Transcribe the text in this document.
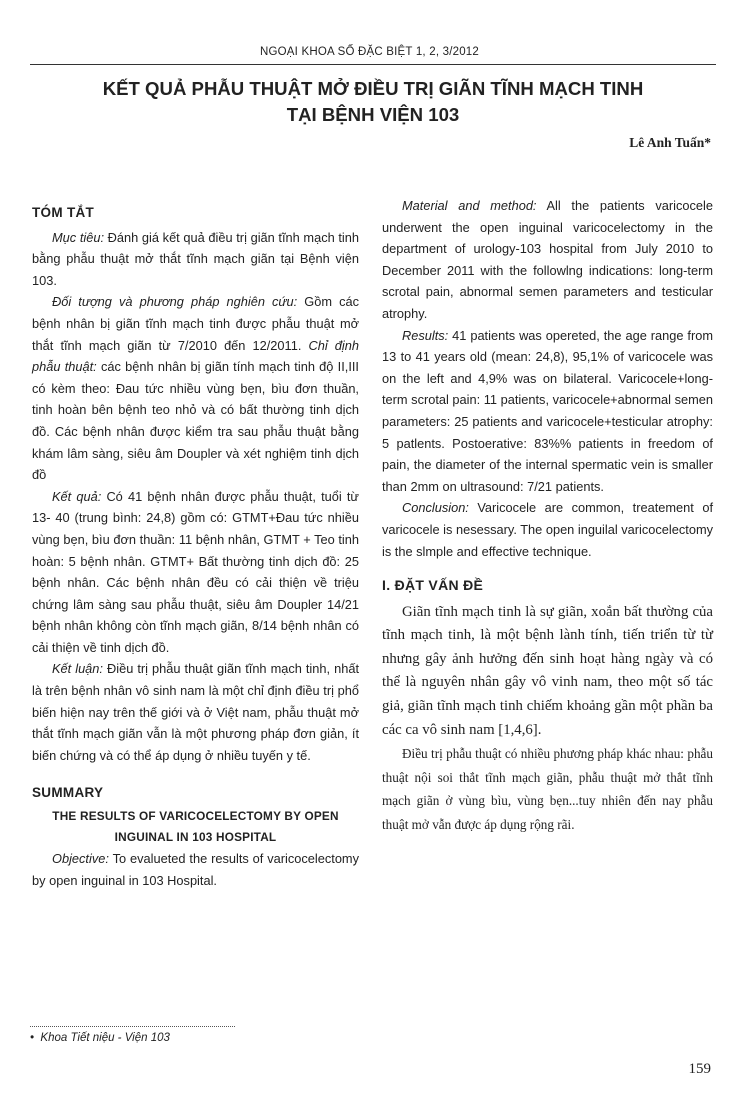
NGOẠI KHOA SỐ ĐẶC BIỆT 1, 2, 3/2012
KẾT QUẢ PHẪU THUẬT MỞ ĐIỀU TRỊ GIÃN TĨNH MẠCH TINH
TẠI BỆNH VIỆN 103
Lê Anh Tuấn*
TÓM TẮT

Mục tiêu: Đánh giá kết quả điều trị giãn tĩnh mạch tinh bằng phẫu thuật mở thắt tĩnh mạch giãn tại Bệnh viện 103.

Đối tượng và phương pháp nghiên cứu: Gồm các bệnh nhân bị giãn tĩnh mạch tinh được phẫu thuật mở thắt tĩnh mạch giãn từ 7/2010 đến 12/2011. Chỉ định phẫu thuật: các bệnh nhân bị giãn tính mạch tinh độ II,III có kèm theo: Đau tức nhiều vùng bẹn, bìu đơn thuần, tinh hoàn bên bệnh teo nhỏ và có bất thường tinh dịch đồ. Các bệnh nhân được kiểm tra sau phẫu thuật bằng khám lâm sàng, siêu âm Doupler và xét nghiệm tinh dịch đồ

Kết quả: Có 41 bệnh nhân được phẫu thuật, tuổi từ 13- 40 (trung bình: 24,8) gồm có: GTMT+Đau tức nhiều vùng bẹn, bìu đơn thuần: 11 bệnh nhân, GTMT + Teo tinh hoàn: 5 bệnh nhân. GTMT+ Bất thường tinh dịch đồ: 25 bệnh nhân. Các bệnh nhân đều có cải thiện về triệu chứng lâm sàng sau phẫu thuật, siêu âm Doupler 14/21 bệnh nhân không còn tĩnh mạch giãn, 8/14 bệnh nhân có cải thiện về tinh dịch đồ.

Kết luận: Điều trị phẫu thuật giãn tĩnh mạch tinh, nhất là trên bệnh nhân vô sinh nam là một chỉ định điều trị phổ biến hiện nay trên thế giới và ở Việt nam, phẫu thuật mở thắt tĩnh mạch giãn vẫn là một phương pháp đơn giản, ít biến chứng và có thể áp dụng ở nhiều tuyến y tế.

SUMMARY
THE RESULTS OF VARICOCELECTOMY BY OPEN INGUINAL IN 103 HOSPITAL

Objective: To evalueted the results of varicocelectomy by open inguinal in 103 Hospital.

Material and method: All the patients varicocele underwent the open inguinal varicocelectomy in the department of urology-103 hospital from July 2010 to December 2011 with the followlng indications: long-term scrotal pain, abnormal semen parameters and testicular atrophy.

Results: 41 patients was opereted, the age range from 13 to 41 years old (mean: 24,8), 95,1% of varicocele was on the left and 4,9% was on bilateral. Varicocele+long-term scrotal pain: 11 patients, varicocele+abnormal semen parameters: 25 patients and varicocele+testicular atrophy: 5 patlents. Postoerative: 83%% patients in freedom of pain, the diameter of the internal spermatic vein is smaller than 2mm on ultrasound: 7/21 patients.

Conclusion: Varicocele are common, treatement of varicocele is nesessary. The open inguilal varicocelectomy is the slmple and effective technique.

I. ĐẶT VẤN ĐỀ

Giãn tĩnh mạch tinh là sự giãn, xoắn bất thường của tĩnh mạch tinh, là một bệnh lành tính, tiến triển từ từ nhưng gây ảnh hưởng đến sinh hoạt hàng ngày và có thể là nguyên nhân gây vô vinh nam, theo một số tác giả, giãn tĩnh mạch tinh chiếm khoảng gần một phần ba các ca vô sinh nam [1,4,6].

Điều trị phẫu thuật có nhiều phương pháp khác nhau: phẫu thuật nội soi thắt tĩnh mạch giãn, phẫu thuật mở thắt tĩnh mạch giãn ở vùng bìu, vùng bẹn...tuy nhiên đến nay phẫu thuật mở vẫn được áp dụng rộng rãi.

• Khoa Tiết niệu - Viện 103
159
